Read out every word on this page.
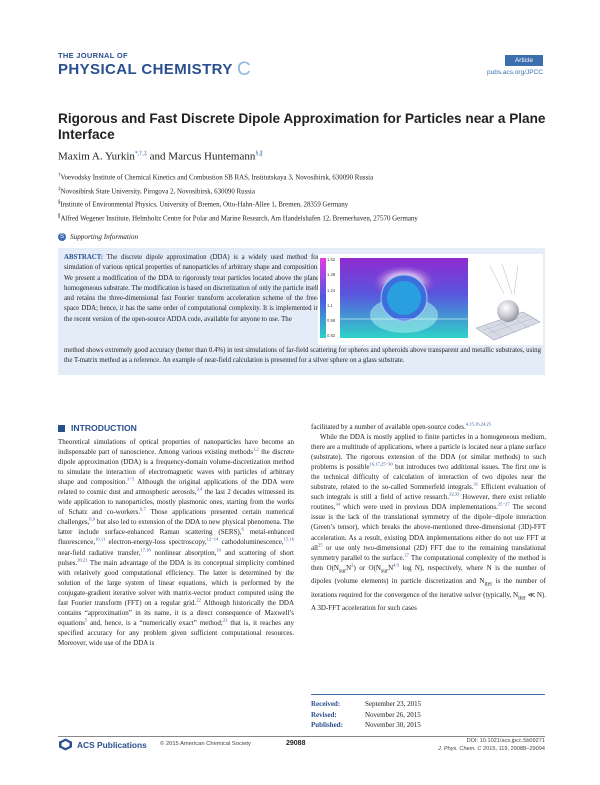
THE JOURNAL OF
PHYSICAL CHEMISTRY C	Article
pubs.acs.org/JPCC
Rigorous and Fast Discrete Dipole Approximation for Particles near a Plane Interface
Maxim A. Yurkin*,†,‡ and Marcus Huntemann§,∥
†Voevodsky Institute of Chemical Kinetics and Combustion SB RAS, Institutskaya 3, Novosibirsk, 630090 Russia
‡Novosibirsk State University, Pirogova 2, Novosibirsk, 630090 Russia
§Institute of Environmental Physics, University of Bremen, Otto-Hahn-Allee 1, Bremen, 28359 Germany
∥Alfred Wegener Institute, Helmholtz Centre for Polar and Marine Research, Am Handelshafen 12, Bremerhaven, 27570 Germany
S Supporting Information
ABSTRACT: The discrete dipole approximation (DDA) is a widely used method for simulation of various optical properties of nanoparticles of arbitrary shape and composition. We present a modification of the DDA to rigorously treat particles located above the plane homogeneous substrate. The modification is based on discretization of only the particle itself and retains the three-dimensional fast Fourier transform acceleration scheme of the free-space DDA; hence, it has the same order of computational complexity. It is implemented in the recent version of the open-source ADDA code, available for anyone to use. The
method shows extremely good accuracy (better than 0.4%) in test simulations of far-field scattering for spheres and spheroids above transparent and metallic substrates, using the T-matrix method as a reference. An example of near-field calculation is presented for a silver sphere on a glass substrate.
1.52
1.38
1.24
1.1
0.96
0.82
INTRODUCTION

Theoretical simulations of optical properties of nanoparticles have become an indispensable part of nanoscience. Among various existing methods$^{1,2}$ the discrete dipole approximation (DDA) is a frequency-domain volume-discretization method to simulate the interaction of electromagnetic waves with particles of arbitrary shape and composition.$^{3-5}$ Although the original applications of the DDA were related to cosmic dust and atmospheric aerosols,$^{3,4}$ the last 2 decades witnessed its wide application to nanoparticles, mostly plasmonic ones, starting from the works of Schatz and co-workers.$^{6,7}$ Those applications presented certain numerical challenges,$^{8,9}$ but also led to extension of the DDA to new physical phenomena. The latter include surface-enhanced Raman scattering (SERS),$^6$ metal-enhanced fluorescence,$^{10,11}$ electron-energy-loss spectroscopy,$^{12-14}$ cathodoluminescence,$^{15,16}$ near-field radiative transfer,$^{17,18}$ nonlinear absorption,$^{19}$ and scattering of short pulses.$^{20,21}$ The main advantage of the DDA is its conceptual simplicity combined with relatively good computational efficiency. The latter is determined by the solution of the large system of linear equations, which is performed by the conjugate-gradient iterative solver with matrix-vector product computed using the fast Fourier transform (FFT) on a regular grid.$^{22}$ Although historically the DDA contains “approximation” in its name, it is a direct consequence of Maxwell’s equations$^5$ and, hence, is a “numerically exact” method;$^{23}$ that is, it reaches any specified accuracy for any problem given sufficient computational resources. Moreover, wide use of the DDA is

facilitated by a number of available open-source codes.$^{4,15,16,24,25}$

While the DDA is mostly applied to finite particles in a homogeneous medium, there are a multitude of applications, where a particle is located near a plane surface (substrate). The rigorous extension of the DDA (or similar methods) to such problems is possible$^{16,17,25-30}$ but introduces two additional issues. The first one is the technical difficulty of calculation of interaction of two dipoles near the substrate, related to the so-called Sommerfeld integrals.$^{31}$ Efficient evaluation of such integrals is still a field of active research.$^{32,33}$ However, there exist reliable routines,$^{34}$ which were used in previous DDA implementations.$^{25-27}$ The second issue is the lack of the translational symmetry of the dipole−dipole interaction (Green’s tensor), which breaks the above-mentioned three-dimensional (3D)-FFT acceleration. As a result, existing DDA implementations either do not use FFT at all$^{25}$ or use only two-dimensional (2D) FFT due to the remaining translational symmetry parallel to the surface.$^{27}$ The computational complexity of the method is then $O(N_{sur}N^2)$ or $O(N_{sur}N^{4/3}$ log N), respectively, where N is the number of dipoles (volume elements) in particle discretization and $N_{iter}$ is the number of iterations required for the convergence of the iterative solver (typically, $N_{iter}$ ≪ N). A 3D-FFT acceleration for such cases

Received:	September 23, 2015
Revised:	November 26, 2015
Published:	November 30, 2015
ACS Publications © 2015 American Chemical Society	29088	DOI: 10.1021/acs.jpcc.5b09271
J. Phys. Chem. C 2015, 119, 29088−29094
